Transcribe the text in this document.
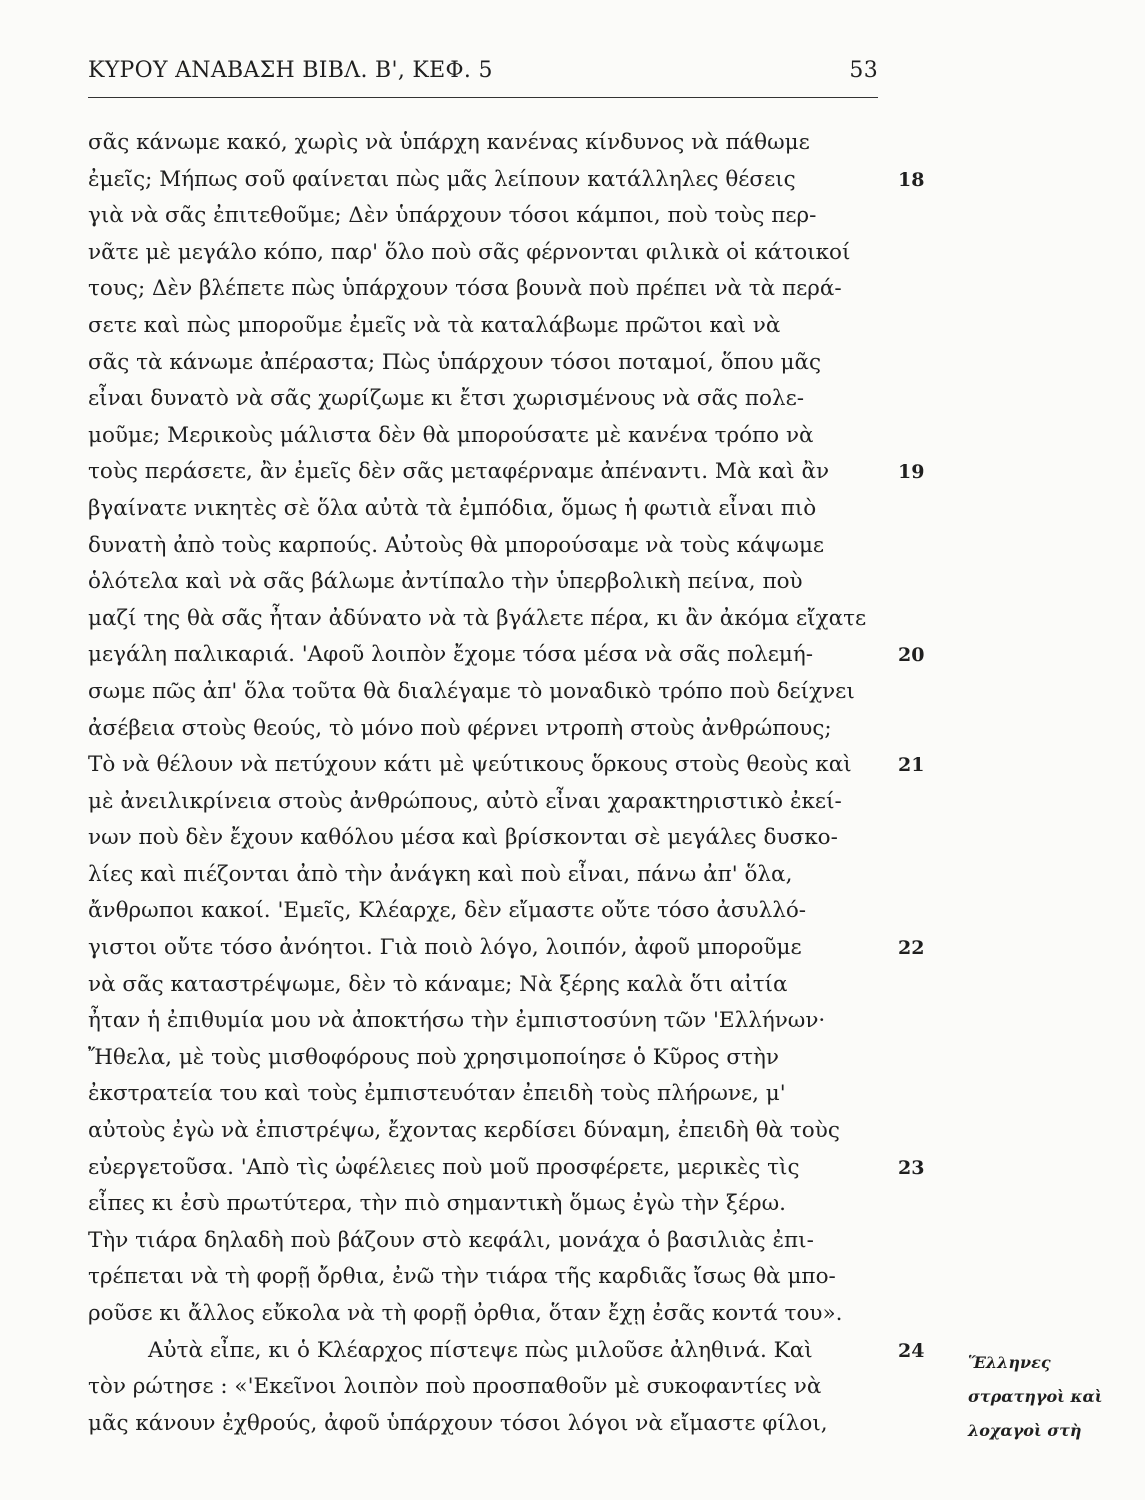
ΚΥΡΟΥ ΑΝΑΒΑΣΗ ΒΙΒΛ. Β', ΚΕΦ. 5	53
σᾶς κάνωμε κακό, χωρὶς νὰ ὑπάρχη κανένας κίνδυνος νὰ πάθωμε
ἐμεῖς; Μήπως σοῦ φαίνεται πὼς μᾶς λείπουν κατάλληλες θέσεις
γιὰ νὰ σᾶς ἐπιτεθοῦμε; Δὲν ὑπάρχουν τόσοι κάμποι, ποὺ τοὺς περ-
νᾶτε μὲ μεγάλο κόπο, παρ' ὅλο ποὺ σᾶς φέρνονται φιλικὰ οἱ κάτοικοί
τους; Δὲν βλέπετε πὼς ὑπάρχουν τόσα βουνὰ ποὺ πρέπει νὰ τὰ περά-
σετε καὶ πὼς μποροῦμε ἐμεῖς νὰ τὰ καταλάβωμε πρῶτοι καὶ νὰ
σᾶς τὰ κάνωμε ἀπέραστα; Πὼς ὑπάρχουν τόσοι ποταμοί, ὅπου μᾶς
εἶναι δυνατὸ νὰ σᾶς χωρίζωμε κι ἔτσι χωρισμένους νὰ σᾶς πολε-
μοῦμε; Μερικοὺς μάλιστα δὲν θὰ μπορούσατε μὲ κανένα τρόπο νὰ
τοὺς περάσετε, ἂν ἐμεῖς δὲν σᾶς μεταφέρναμε ἀπέναντι. Μὰ καὶ ἂν
βγαίνατε νικητὲς σὲ ὅλα αὐτὰ τὰ ἐμπόδια, ὅμως ἡ φωτιὰ εἶναι πιὸ
δυνατὴ ἀπὸ τοὺς καρπούς. Αὐτοὺς θὰ μπορούσαμε νὰ τοὺς κάψωμε
ὁλότελα καὶ νὰ σᾶς βάλωμε ἀντίπαλο τὴν ὑπερβολικὴ πείνα, ποὺ
μαζί της θὰ σᾶς ἦταν ἀδύνατο νὰ τὰ βγάλετε πέρα, κι ἂν ἀκόμα εἴχατε
μεγάλη παλικαριά. 'Αφοῦ λοιπὸν ἔχομε τόσα μέσα νὰ σᾶς πολεμή-
σωμε πῶς ἀπ' ὅλα τοῦτα θὰ διαλέγαμε τὸ μοναδικὸ τρόπο ποὺ δείχνει
ἀσέβεια στοὺς θεούς, τὸ μόνο ποὺ φέρνει ντροπὴ στοὺς ἀνθρώπους;
Τὸ νὰ θέλουν νὰ πετύχουν κάτι μὲ ψεύτικους ὅρκους στοὺς θεοὺς καὶ
μὲ ἀνειλικρίνεια στοὺς ἀνθρώπους, αὐτὸ εἶναι χαρακτηριστικὸ ἐκεί-
νων ποὺ δὲν ἔχουν καθόλου μέσα καὶ βρίσκονται σὲ μεγάλες δυσκο-
λίες καὶ πιέζονται ἀπὸ τὴν ἀνάγκη καὶ ποὺ εἶναι, πάνω ἀπ' ὅλα,
ἄνθρωποι κακοί. 'Εμεῖς, Κλέαρχε, δὲν εἴμαστε οὔτε τόσο ἀσυλλό-
γιστοι οὔτε τόσο ἀνόητοι. Γιὰ ποιὸ λόγο, λοιπόν, ἀφοῦ μποροῦμε
νὰ σᾶς καταστρέψωμε, δὲν τὸ κάναμε; Νὰ ξέρης καλὰ ὅτι αἰτία
ἦταν ἡ ἐπιθυμία μου νὰ ἀποκτήσω τὴν ἐμπιστοσύνη τῶν 'Ελλήνων·
Ἤθελα, μὲ τοὺς μισθοφόρους ποὺ χρησιμοποίησε ὁ Κῦρος στὴν
ἐκστρατεία του καὶ τοὺς ἐμπιστευόταν ἐπειδὴ τοὺς πλήρωνε, μ'
αὐτοὺς ἐγὼ νὰ ἐπιστρέψω, ἔχοντας κερδίσει δύναμη, ἐπειδὴ θὰ τοὺς
εὐεργετοῦσα. 'Απὸ τὶς ὠφέλειες ποὺ μοῦ προσφέρετε, μερικὲς τὶς
εἶπες κι ἐσὺ πρωτύτερα, τὴν πιὸ σημαντικὴ ὅμως ἐγὼ τὴν ξέρω.
Τὴν τιάρα δηλαδὴ ποὺ βάζουν στὸ κεφάλι, μονάχα ὁ βασιλιὰς ἐπι-
τρέπεται νὰ τὴ φορῇ ὄρθια, ἐνῶ τὴν τιάρα τῆς καρδιᾶς ἴσως θὰ μπο-
ροῦσε κι ἄλλος εὔκολα νὰ τὴ φορῇ ὀρθια, ὅταν ἔχῃ ἐσᾶς κοντά του».
Αὐτὰ εἶπε, κι ὁ Κλέαρχος πίστεψε πὼς μιλοῦσε ἀληθινά. Καὶ
τὸν ρώτησε : «'Εκεῖνοι λοιπὸν ποὺ προσπαθοῦν μὲ συκοφαντίες νὰ
μᾶς κάνουν ἐχθρούς, ἀφοῦ ὑπάρχουν τόσοι λόγοι νὰ εἴμαστε φίλοι,
18
19
20
21
22
23
24
Ἕλληνες
στρατηγοὶ καὶ
λοχαγοὶ στὴ
